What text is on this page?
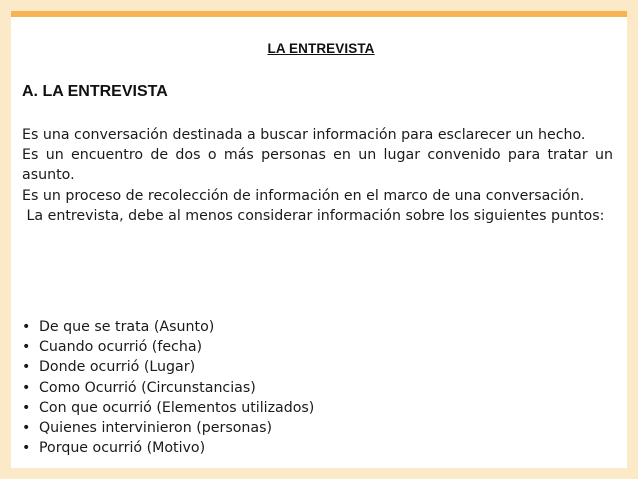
LA ENTREVISTA
A. LA ENTREVISTA

Es una conversación destinada a buscar información para esclarecer un hecho.

Es un encuentro de dos o más personas en un lugar convenido para tratar un asunto.

Es un proceso de recolección de información en el marco de una conversación.

La entrevista, debe al menos considerar información sobre los siguientes puntos:

• De que se trata (Asunto)
• Cuando ocurrió (fecha)
• Donde ocurrió (Lugar)
• Como Ocurrió (Circunstancias)
• Con que ocurrió (Elementos utilizados)
• Quienes intervinieron (personas)
• Porque ocurrió (Motivo)
